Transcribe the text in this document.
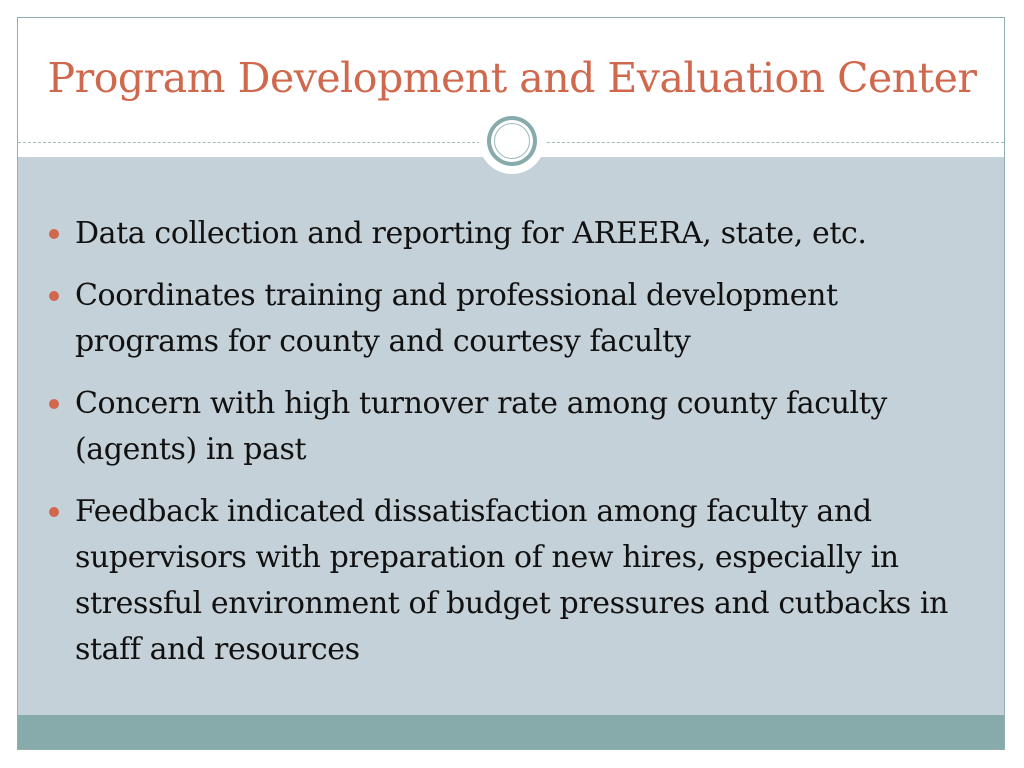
Program Development and Evaluation Center
Data collection and reporting for AREERA, state, etc.
Coordinates training and professional development programs for county and courtesy faculty
Concern with high turnover rate among county faculty (agents) in past
Feedback indicated dissatisfaction among faculty and supervisors with preparation of new hires, especially in stressful environment of budget pressures and cutbacks in staff and resources
